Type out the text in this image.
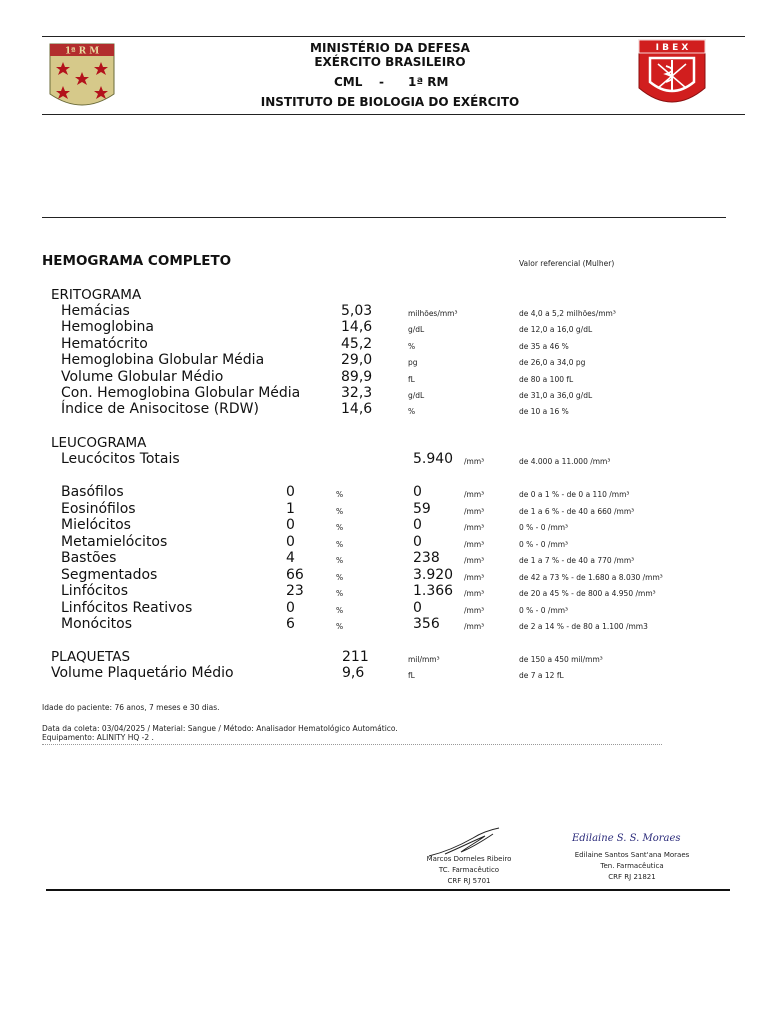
1ª R M	I B E X
MINISTÉRIO DA DEFESA
EXÉRCITO BRASILEIRO
CML - 1ª RM
INSTITUTO DE BIOLOGIA DO EXÉRCITO
HEMOGRAMA COMPLETO	Valor referencial (Mulher)
ERITOGRAMA
Hemácias	5,03	milhões/mm³	de 4,0 a 5,2 milhões/mm³
Hemoglobina	14,6	g/dL	de 12,0 a 16,0 g/dL
Hematócrito	45,2	%	de 35 a 46 %
Hemoglobina Globular Média	29,0	pg	de 26,0 a 34,0 pg
Volume Globular Médio	89,9	fL	de 80 a 100 fL
Con. Hemoglobina Globular Média	32,3	g/dL	de 31,0 a 36,0 g/dL
Índice de Anisocitose (RDW)	14,6	%	de 10 a 16 %
LEUCOGRAMA
Leucócitos Totais	5.940 /mm³	de 4.000 a 11.000 /mm³
Basófilos	0	%	0	/mm³	de 0 a 1 % - de 0 a 110 /mm³
Eosinófilos	1	%	59	/mm³	de 1 a 6 % - de 40 a 660 /mm³
Mielócitos	0	%	0	/mm³	0 % - 0 /mm³
Metamielócitos	0	%	0	/mm³	0 % - 0 /mm³
Bastões	4	%	238	/mm³	de 1 a 7 % - de 40 a 770 /mm³
Segmentados	66	%	3.920 /mm³	de 42 a 73 % - de 1.680 a 8.030 /mm³
Linfócitos	23	%	1.366 /mm³	de 20 a 45 % - de 800 a 4.950 /mm³
Linfócitos Reativos	0	%	0	/mm³	0 % - 0 /mm³
Monócitos	6	%	356	/mm³	de 2 a 14 % - de 80 a 1.100 /mm3
PLAQUETAS	211	mil/mm³	de 150 a 450 mil/mm³
Volume Plaquetário Médio	9,6	fL	de 7 a 12 fL
Idade do paciente: 76 anos, 7 meses e 30 dias.
Data da coleta: 03/04/2025 / Material: Sangue / Método: Analisador Hematológico Automático.
Equipamento: ALINITY HQ -2 .
Marcos Dorneles Ribeiro
TC. Farmacêutico
CRF RJ 5701
Edilaine S. S. Moraes
Edilaine Santos Sant'ana Moraes
Ten. Farmacêutica
CRF RJ 21821
